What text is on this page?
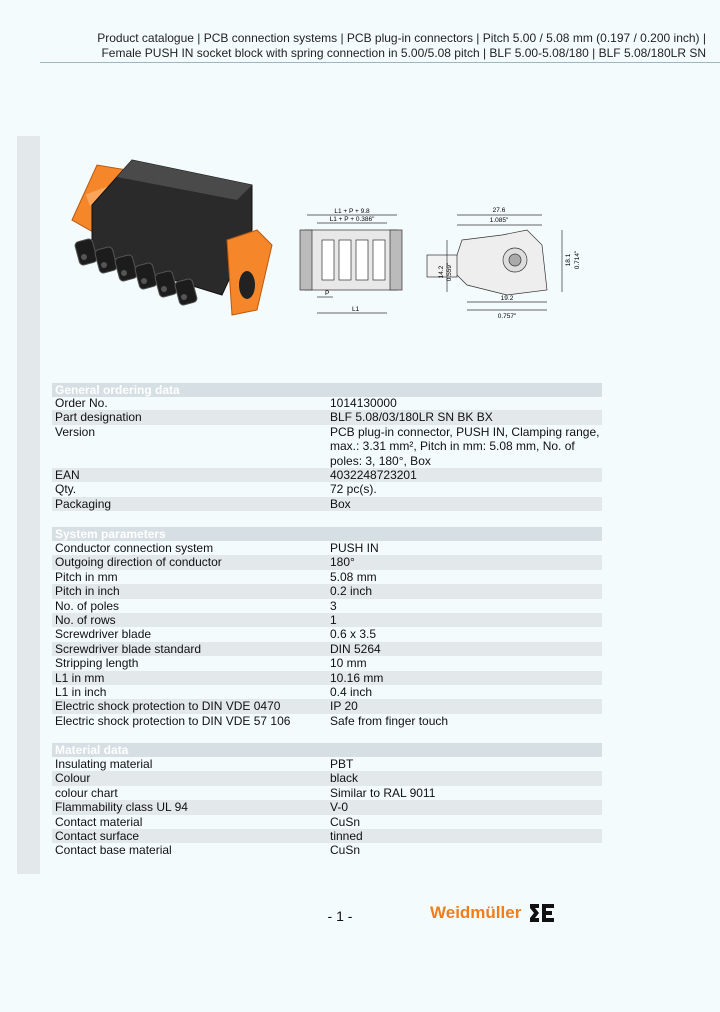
Product catalogue | PCB connection systems | PCB plug-in connectors | Pitch 5.00 / 5.08 mm (0.197 / 0.200 inch) |
Female PUSH IN socket block with spring connection in 5.00/5.08 pitch | BLF 5.00-5.08/180 | BLF 5.08/180LR SN
L1 + P + 9.8
L1 + P + 0.386"
P
L1
27.6
1.085"
14.2 0.559"
18.1 0.714"
19.2
0.757"
General ordering data
Order No.	1014130000
Part designation	BLF 5.08/03/180LR SN BK BX
Version	PCB plug-in connector, PUSH IN, Clamping range, max.: 3.31 mm², Pitch in mm: 5.08 mm, No. of poles: 3, 180°, Box
EAN	4032248723201
Qty.	72 pc(s).
Packaging	Box
System parameters
Conductor connection system	PUSH IN
Outgoing direction of conductor	180°
Pitch in mm	5.08 mm
Pitch in inch	0.2 inch
No. of poles	3
No. of rows	1
Screwdriver blade	0.6 x 3.5
Screwdriver blade standard	DIN 5264
Stripping length	10 mm
L1 in mm	10.16 mm
L1 in inch	0.4 inch
Electric shock protection to DIN VDE 0470	IP 20
Electric shock protection to DIN VDE 57 106	Safe from finger touch
Material data
Insulating material	PBT
Colour	black
colour chart	Similar to RAL 9011
Flammability class UL 94	V-0
Contact material	CuSn
Contact surface	tinned
Contact base material	CuSn
- 1 -	Weidmüller
